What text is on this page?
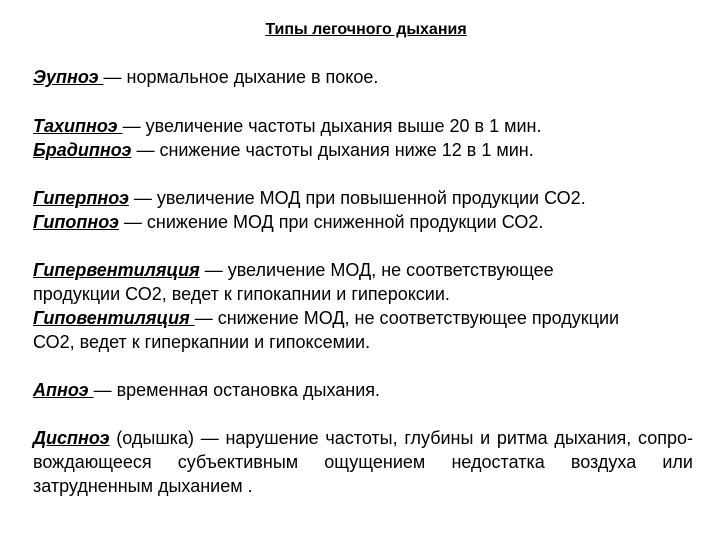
Типы легочного дыхания
Эупноэ — нормальное дыхание в покое.
Тахипноэ — увеличение частоты дыхания выше 20 в 1 мин.
Брадипноэ — снижение частоты дыхания ниже 12 в 1 мин.
Гиперпноэ — увеличение МОД при повышенной продукции СО2.
Гипопноэ — снижение МОД при сниженной продукции СО2.
Гипервентиляция — увеличение МОД, не соответствующее
продукции СО2, ведет к гипокапнии и гипероксии.
Гиповентиляция — снижение МОД, не соответствующее продукции
СО2, ведет к гиперкапнии и гипоксемии.
Апноэ — временная остановка дыхания.
Диспноэ (одышка) — нарушение частоты, глубины и ритма дыхания, сопро-вождающееся субъективным ощущением недостатка воздуха или затрудненным дыханием .
